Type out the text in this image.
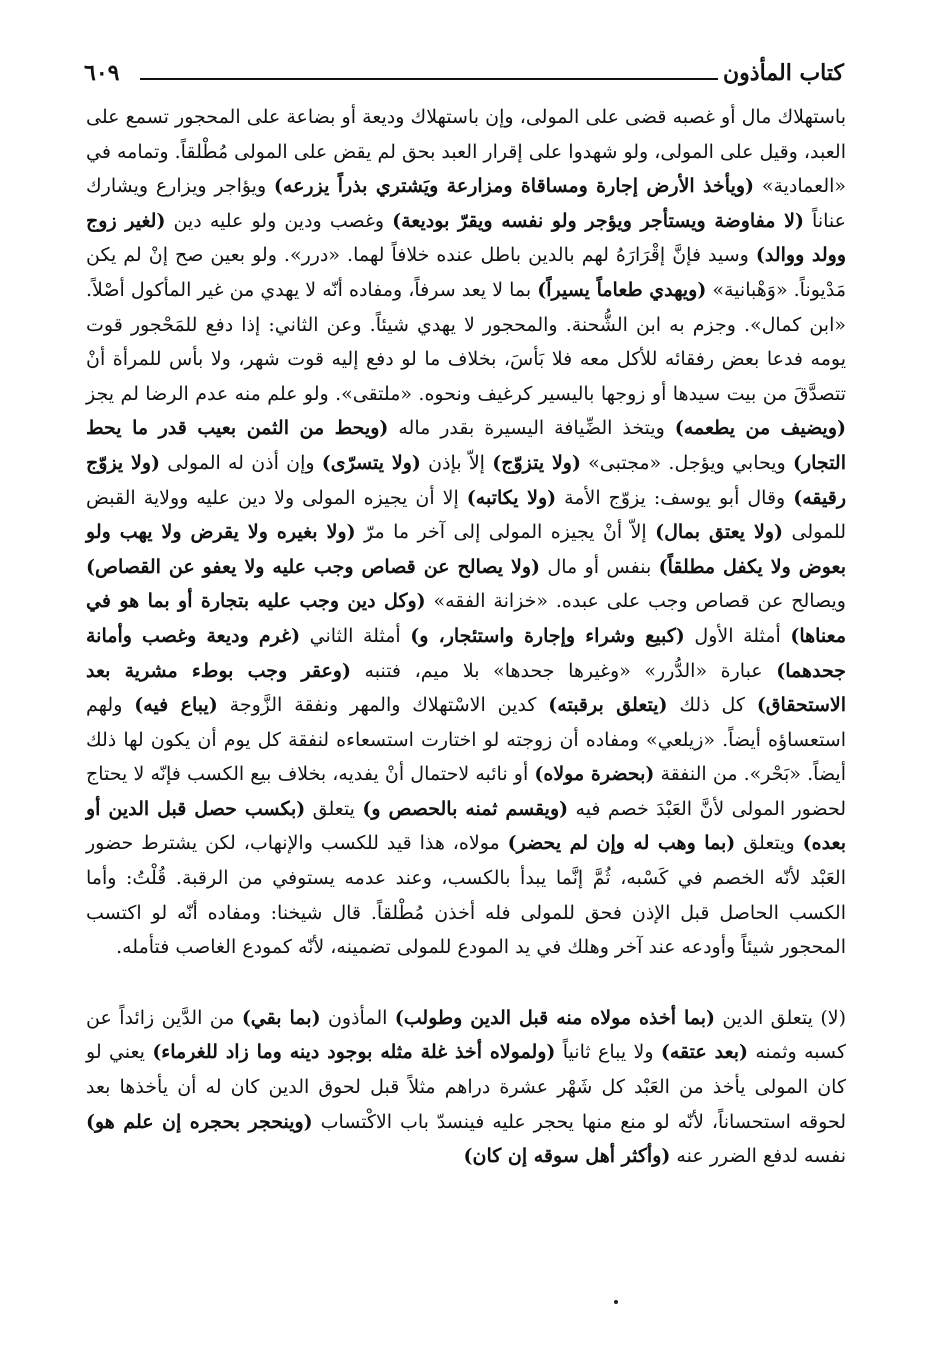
كتاب المأذون
٦٠٩

باستهلاك مال أو غصبه قضى على المولى، وإن باستهلاك وديعة أو بضاعة على المحجور تسمع على العبد، وقيل على المولى، ولو شهدوا على إقرار العبد بحق لم يقض على المولى مُطْلقاً. وتمامه في «العمادية» (ويأخذ الأرض إجارة ومساقاة ومزارعة ويَشتري بذراً يزرعه) ويؤاجر ويزارع ويشارك عناناً (لا مفاوضة ويستأجر ويؤجر ولو نفسه ويقرّ بوديعة) وغصب ودين ولو عليه دين (لغير زوج وولد ووالد) وسيد فإنَّ إقْرَارَهُ لهم بالدين باطل عنده خلافاً لهما. «درر». ولو بعين صح إنْ لم يكن مَدْيوناً. «وَهْبانية» (ويهدي طعاماً يسيراً) بما لا يعد سرفاً، ومفاده أنّه لا يهدي من غير المأكول أصْلاً. «ابن كمال». وجزم به ابن الشُّحنة. والمحجور لا يهدي شيئاً. وعن الثاني: إذا دفع للمَحْجور قوت يومه فدعا بعض رفقائه للأكل معه فلا بَأسَ، بخلاف ما لو دفع إليه قوت شهر، ولا بأس للمرأة أنْ تتصدَّقَ من بيت سيدها أو زوجها باليسير كرغيف ونحوه. «ملتقى». ولو علم منه عدم الرضا لم يجز (ويضيف من يطعمه) ويتخذ الضِّيافة اليسيرة بقدر ماله (ويحط من الثمن بعيب قدر ما يحط التجار) ويحابي ويؤجل. «مجتبى» (ولا يتزوّج) إلاّ بإذن (ولا يتسرّى) وإن أذن له المولى (ولا يزوّج رقيقه) وقال أبو يوسف: يزوّج الأمة (ولا يكاتبه) إلا أن يجيزه المولى ولا دين عليه وولاية القبض للمولى (ولا يعتق بمال) إلاّ أنْ يجيزه المولى إلى آخر ما مرّ (ولا بغيره ولا يقرض ولا يهب ولو بعوض ولا يكفل مطلقاً) بنفس أو مال (ولا يصالح عن قصاص وجب عليه ولا يعفو عن القصاص) ويصالح عن قصاص وجب على عبده. «خزانة الفقه» (وكل دين وجب عليه بتجارة أو بما هو في معناها) أمثلة الأول (كبيع وشراء وإجارة واستئجار، و) أمثلة الثاني (غرم وديعة وغصب وأمانة جحدهما) عبارة «الدُّرر» «وغيرها جحدها» بلا ميم، فتنبه (وعقر وجب بوطء مشرية بعد الاستحقاق) كل ذلك (يتعلق برقبته) كدين الاسْتهلاك والمهر ونفقة الزَّوجة (يباع فيه) ولهم استعساؤه أيضاً. «زيلعي» ومفاده أن زوجته لو اختارت استسعاءه لنفقة كل يوم أن يكون لها ذلك أيضاً. «بَحْر». من النفقة (بحضرة مولاه) أو نائبه لاحتمال أنْ يفديه، بخلاف بيع الكسب فإنّه لا يحتاج لحضور المولى لأنَّ العَبْدَ خصم فيه (ويقسم ثمنه بالحصص و) يتعلق (بكسب حصل قبل الدين أو بعده) ويتعلق (بما وهب له وإن لم يحضر) مولاه، هذا قيد للكسب والإنهاب، لكن يشترط حضور العَبْد لأنّه الخصم في كَسْبه، ثُمَّ إنَّما يبدأ بالكسب، وعند عدمه يستوفي من الرقبة. قُلْتُ: وأما الكسب الحاصل قبل الإذن فحق للمولى فله أخذن مُطْلقاً. قال شيخنا: ومفاده أنّه لو اكتسب المحجور شيئاً وأودعه عند آخر وهلك في يد المودع للمولى تضمينه، لأنّه كمودع الغاصب فتأمله.

(لا) يتعلق الدين (بما أخذه مولاه منه قبل الدين وطولب) المأذون (بما بقي) من الدَّين زائداً عن كسبه وثمنه (بعد عتقه) ولا يباع ثانياً (ولمولاه أخذ غلة مثله بوجود دينه وما زاد للغرماء) يعني لو كان المولى يأخذ من العَبْد كل شَهْر عشرة دراهم مثلاً قبل لحوق الدين كان له أن يأخذها بعد لحوقه استحساناً، لأنّه لو منع منها يحجر عليه فينسدّ باب الاكْتساب (وينحجر بحجره إن علم هو) نفسه لدفع الضرر عنه (وأكثر أهل سوقه إن كان)
